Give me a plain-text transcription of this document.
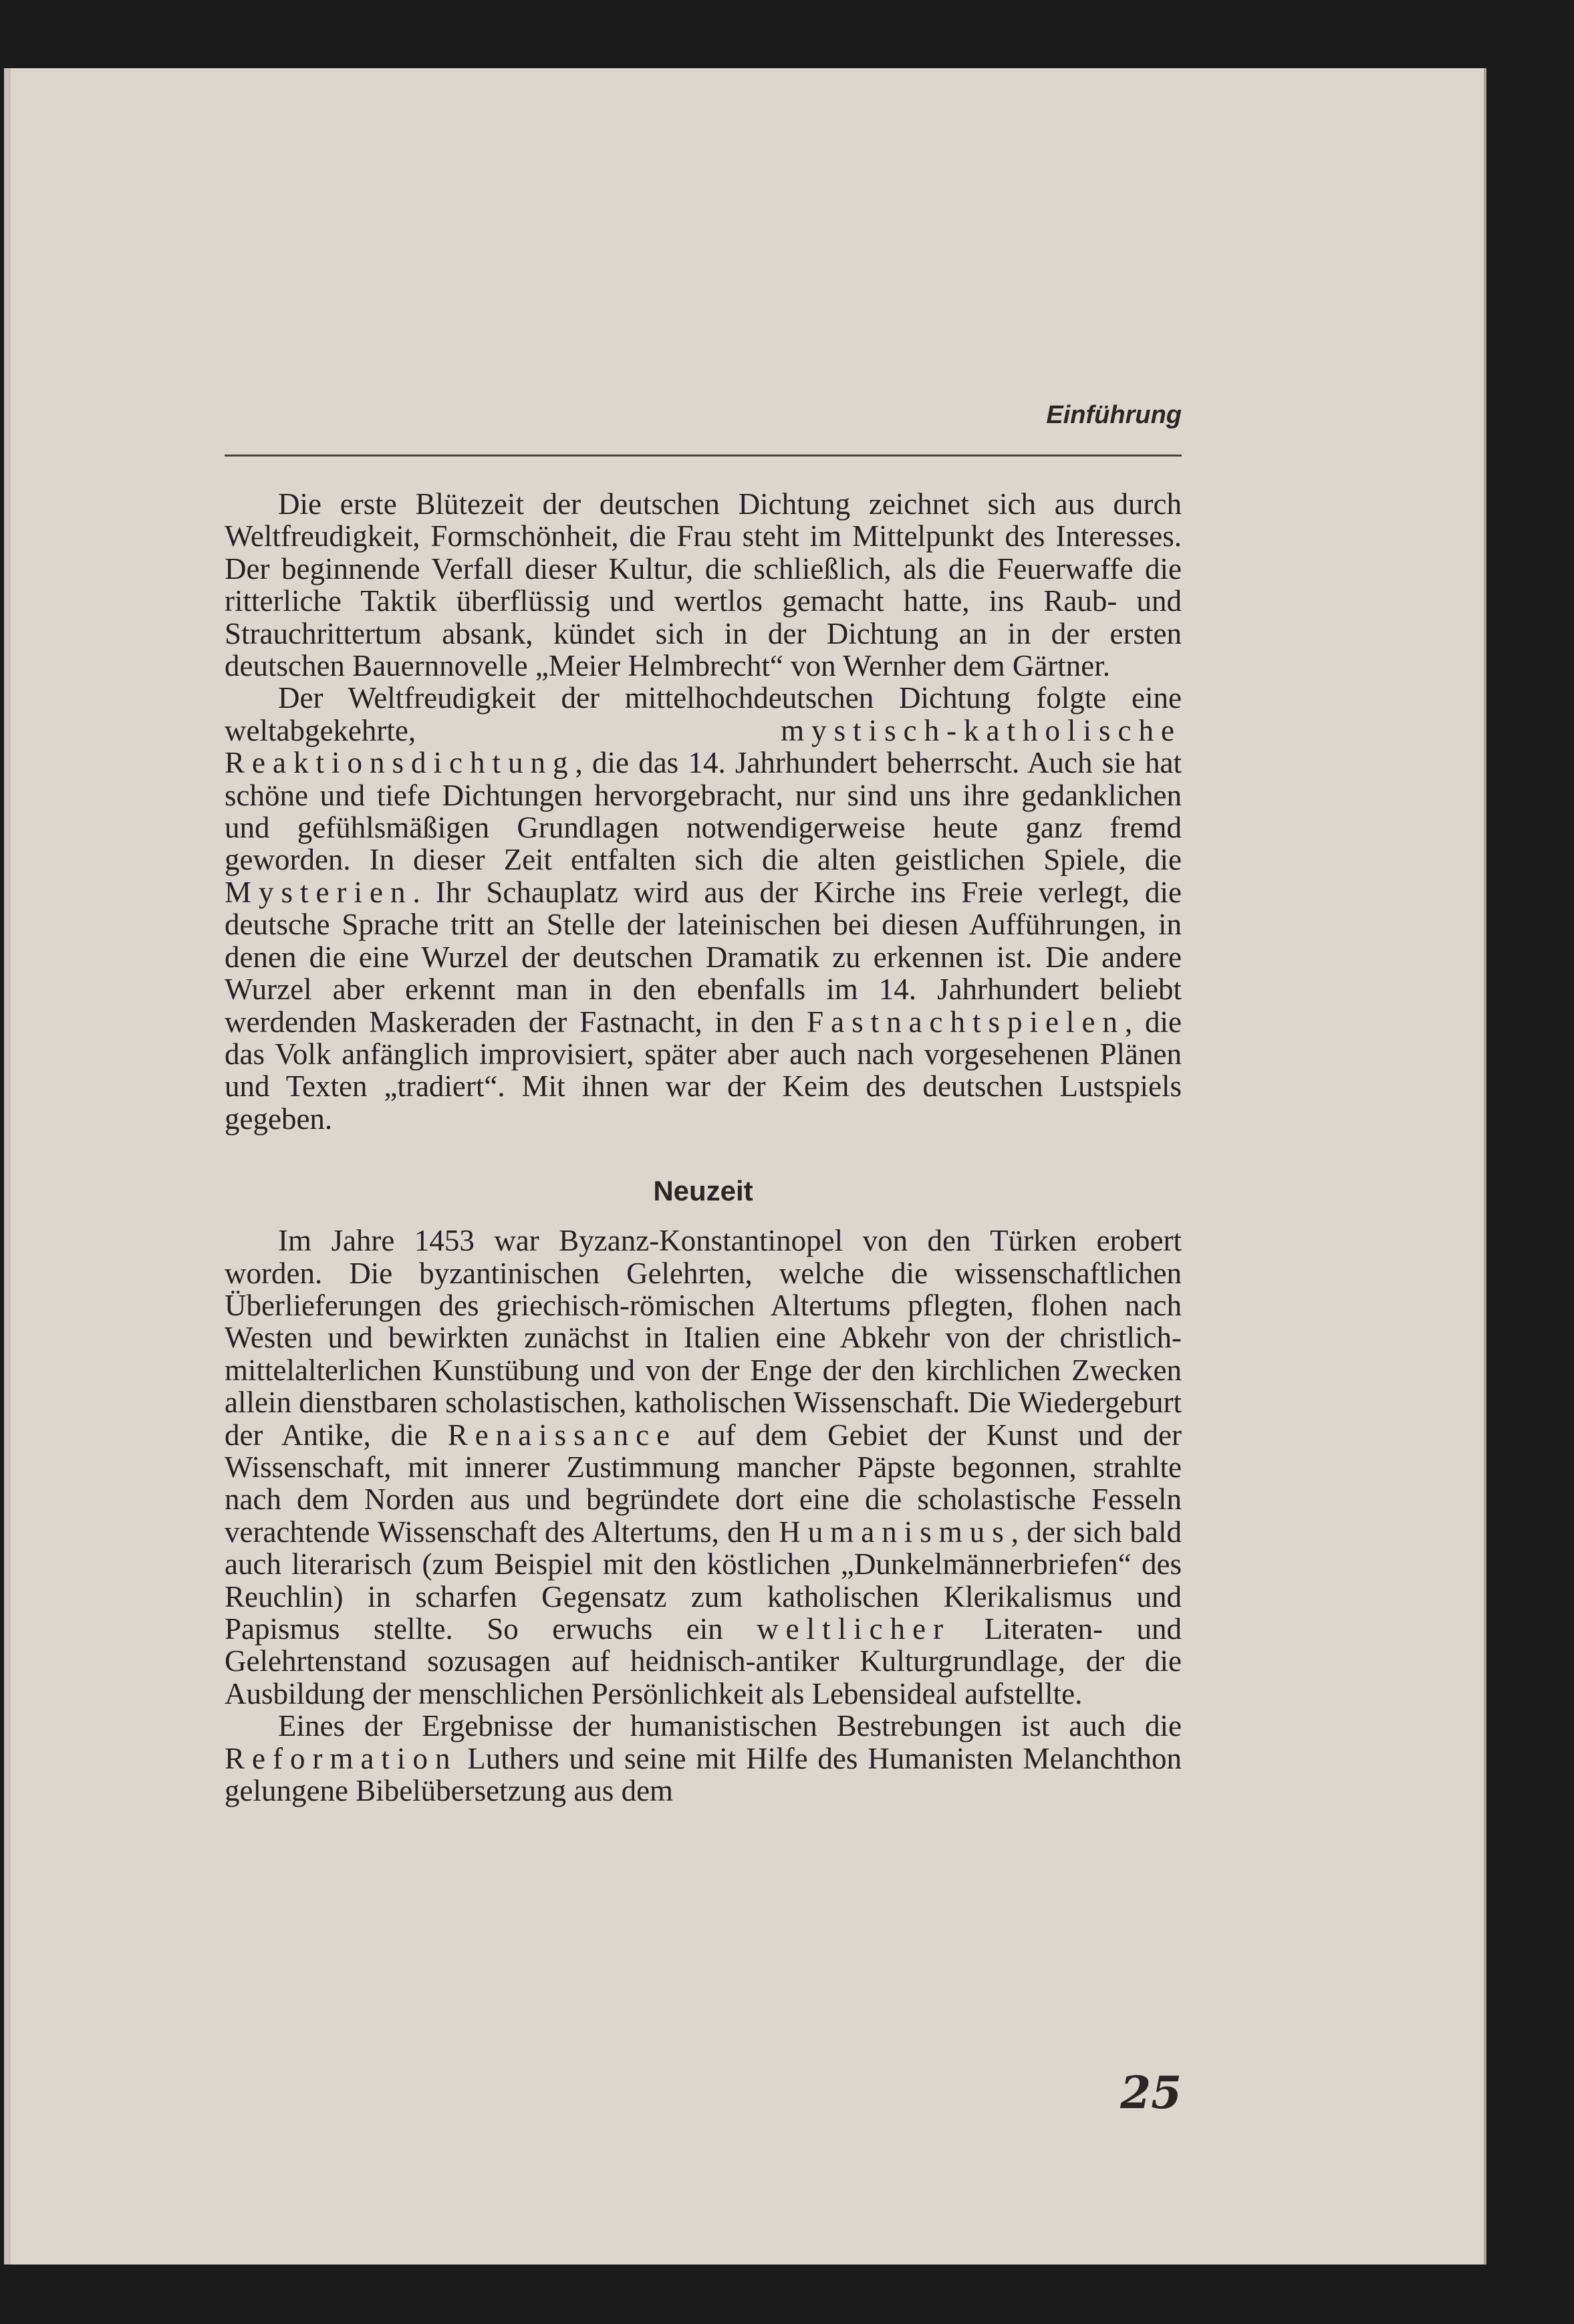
Einführung

Die erste Blütezeit der deutschen Dichtung zeichnet sich aus durch Weltfreudigkeit, Formschönheit, die Frau steht im Mittelpunkt des Interesses. Der beginnende Verfall dieser Kultur, die schließlich, als die Feuerwaffe die ritterliche Taktik überflüssig und wertlos gemacht hatte, ins Raub- und Strauchrittertum absank, kündet sich in der Dichtung an in der ersten deutschen Bauernnovelle „Meier Helmbrecht“ von Wernher dem Gärtner.

Der Weltfreudigkeit der mittelhochdeutschen Dichtung folgte eine weltabgekehrte, mystisch-katholische Reaktionsdichtung, die das 14. Jahrhundert beherrscht. Auch sie hat schöne und tiefe Dichtungen hervorgebracht, nur sind uns ihre gedanklichen und gefühlsmäßigen Grundlagen notwendigerweise heute ganz fremd geworden. In dieser Zeit entfalten sich die alten geistlichen Spiele, die Mysterien. Ihr Schauplatz wird aus der Kirche ins Freie verlegt, die deutsche Sprache tritt an Stelle der lateinischen bei diesen Aufführungen, in denen die eine Wurzel der deutschen Dramatik zu erkennen ist. Die andere Wurzel aber erkennt man in den ebenfalls im 14. Jahrhundert beliebt werdenden Maskeraden der Fastnacht, in den Fastnachtspielen, die das Volk anfänglich improvisiert, später aber auch nach vorgesehenen Plänen und Texten „tradiert“. Mit ihnen war der Keim des deutschen Lustspiels gegeben.

Neuzeit

Im Jahre 1453 war Byzanz-Konstantinopel von den Türken erobert worden. Die byzantinischen Gelehrten, welche die wissenschaftlichen Überlieferungen des griechisch-römischen Altertums pflegten, flohen nach Westen und bewirkten zunächst in Italien eine Abkehr von der christlich-mittelalterlichen Kunstübung und von der Enge der den kirchlichen Zwecken allein dienstbaren scholastischen, katholischen Wissenschaft. Die Wiedergeburt der Antike, die Renaissance auf dem Gebiet der Kunst und der Wissenschaft, mit innerer Zustimmung mancher Päpste begonnen, strahlte nach dem Norden aus und begründete dort eine die scholastische Fesseln verachtende Wissenschaft des Altertums, den Humanismus, der sich bald auch literarisch (zum Beispiel mit den köstlichen „Dunkelmännerbriefen“ des Reuchlin) in scharfen Gegensatz zum katholischen Klerikalismus und Papismus stellte. So erwuchs ein weltlicher Literaten- und Gelehrtenstand sozusagen auf heidnisch-antiker Kulturgrundlage, der die Ausbildung der menschlichen Persönlichkeit als Lebensideal aufstellte.

Eines der Ergebnisse der humanistischen Bestrebungen ist auch die Reformation Luthers und seine mit Hilfe des Humanisten Melanchthon gelungene Bibelübersetzung aus dem

25
